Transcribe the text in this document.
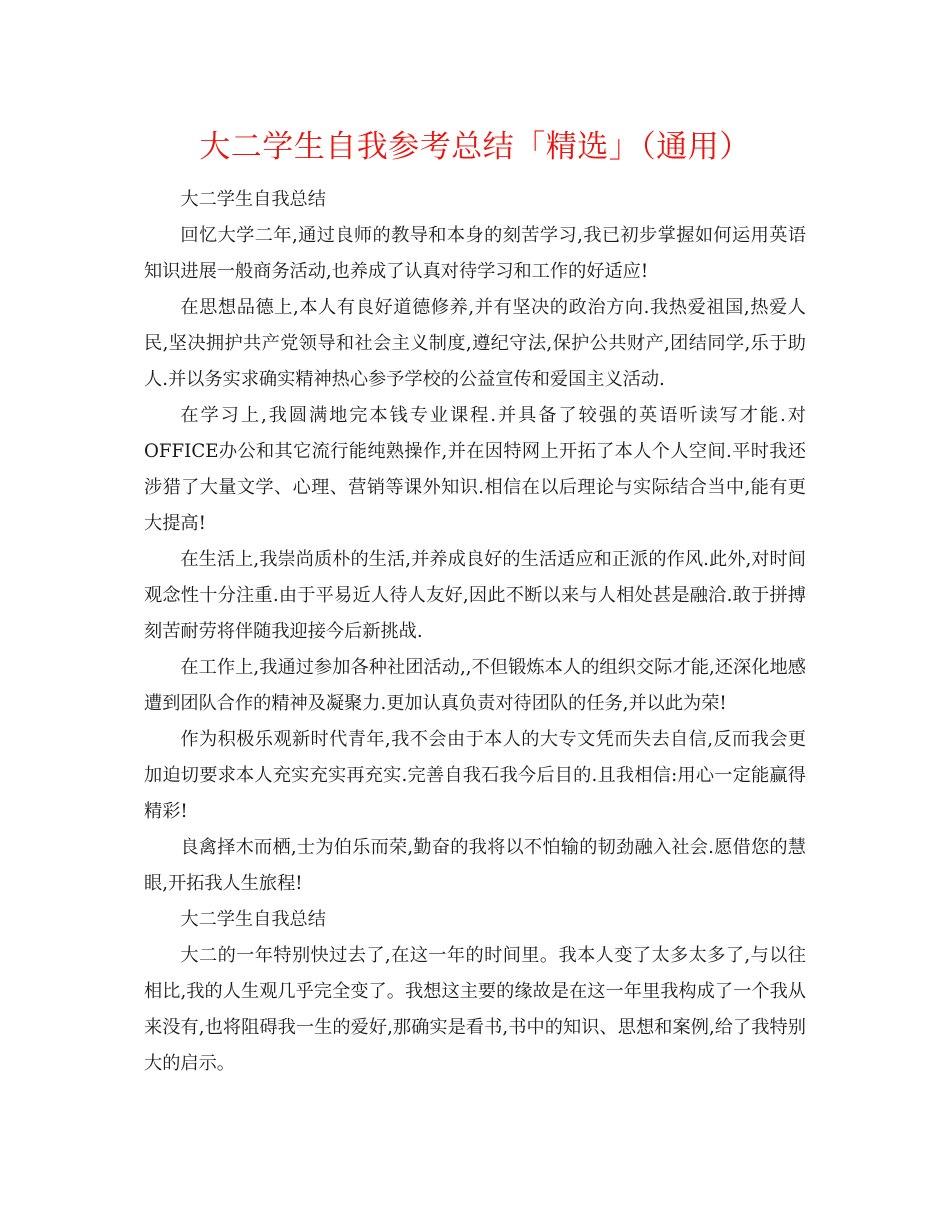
大二学生自我参考总结「精选」（通用）

大二学生自我总结

回忆大学二年,通过良师的教导和本身的刻苦学习,我已初步掌握如何运用英语知识进展一般商务活动,也养成了认真对待学习和工作的好适应!

在思想品德上,本人有良好道德修养,并有坚决的政治方向.我热爱祖国,热爱人民,坚决拥护共产党领导和社会主义制度,遵纪守法,保护公共财产,团结同学,乐于助人.并以务实求确实精神热心参予学校的公益宣传和爱国主义活动.

在学习上,我圆满地完本钱专业课程.并具备了较强的英语听读写才能.对OFFICE办公和其它流行能纯熟操作,并在因特网上开拓了本人个人空间.平时我还涉猎了大量文学、心理、营销等课外知识.相信在以后理论与实际结合当中,能有更大提高!

在生活上,我崇尚质朴的生活,并养成良好的生活适应和正派的作风.此外,对时间观念性十分注重.由于平易近人待人友好,因此不断以来与人相处甚是融洽.敢于拼搏刻苦耐劳将伴随我迎接今后新挑战.

在工作上,我通过参加各种社团活动,,不但锻炼本人的组织交际才能,还深化地感遭到团队合作的精神及凝聚力.更加认真负责对待团队的任务,并以此为荣!

作为积极乐观新时代青年,我不会由于本人的大专文凭而失去自信,反而我会更加迫切要求本人充实充实再充实.完善自我石我今后目的.且我相信:用心一定能赢得精彩!

良禽择木而栖,士为伯乐而荣,勤奋的我将以不怕输的韧劲融入社会.愿借您的慧眼,开拓我人生旅程!

大二学生自我总结

大二的一年特别快过去了,在这一年的时间里。我本人变了太多太多了,与以往相比,我的人生观几乎完全变了。我想这主要的缘故是在这一年里我构成了一个我从来没有,也将阻碍我一生的爱好,那确实是看书,书中的知识、思想和案例,给了我特别大的启示。
